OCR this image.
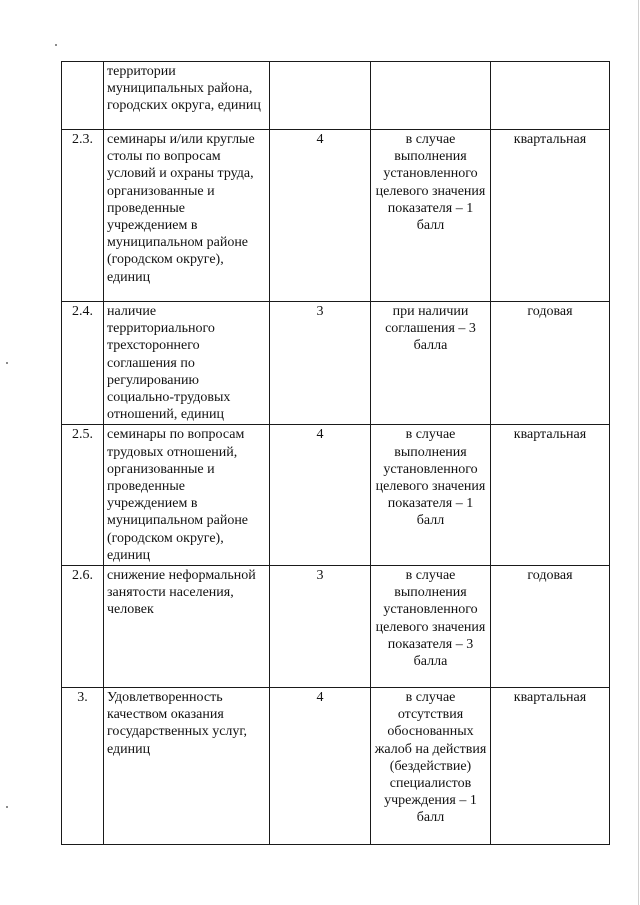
	территории муниципальных района, городских округа, единиц			
2.3.	семинары и/или круглые столы по вопросам условий и охраны труда, организованные и проведенные учреждением в муниципальном районе (городском округе), единиц	4	в случае выполнения установленного целевого значения показателя – 1 балл	квартальная
2.4.	наличие территориального трехстороннего соглашения по регулированию социально-трудовых отношений, единиц	3	при наличии соглашения – 3 балла	годовая
2.5.	семинары по вопросам трудовых отношений, организованные и проведенные учреждением в муниципальном районе (городском округе), единиц	4	в случае выполнения установленного целевого значения показателя – 1 балл	квартальная
2.6.	снижение неформальной занятости населения, человек	3	в случае выполнения установленного целевого значения показателя – 3 балла	годовая
3.	Удовлетворенность качеством оказания государственных услуг, единиц	4	в случае отсутствия обоснованных жалоб на действия (бездействие) специалистов учреждения – 1 балл	квартальная
